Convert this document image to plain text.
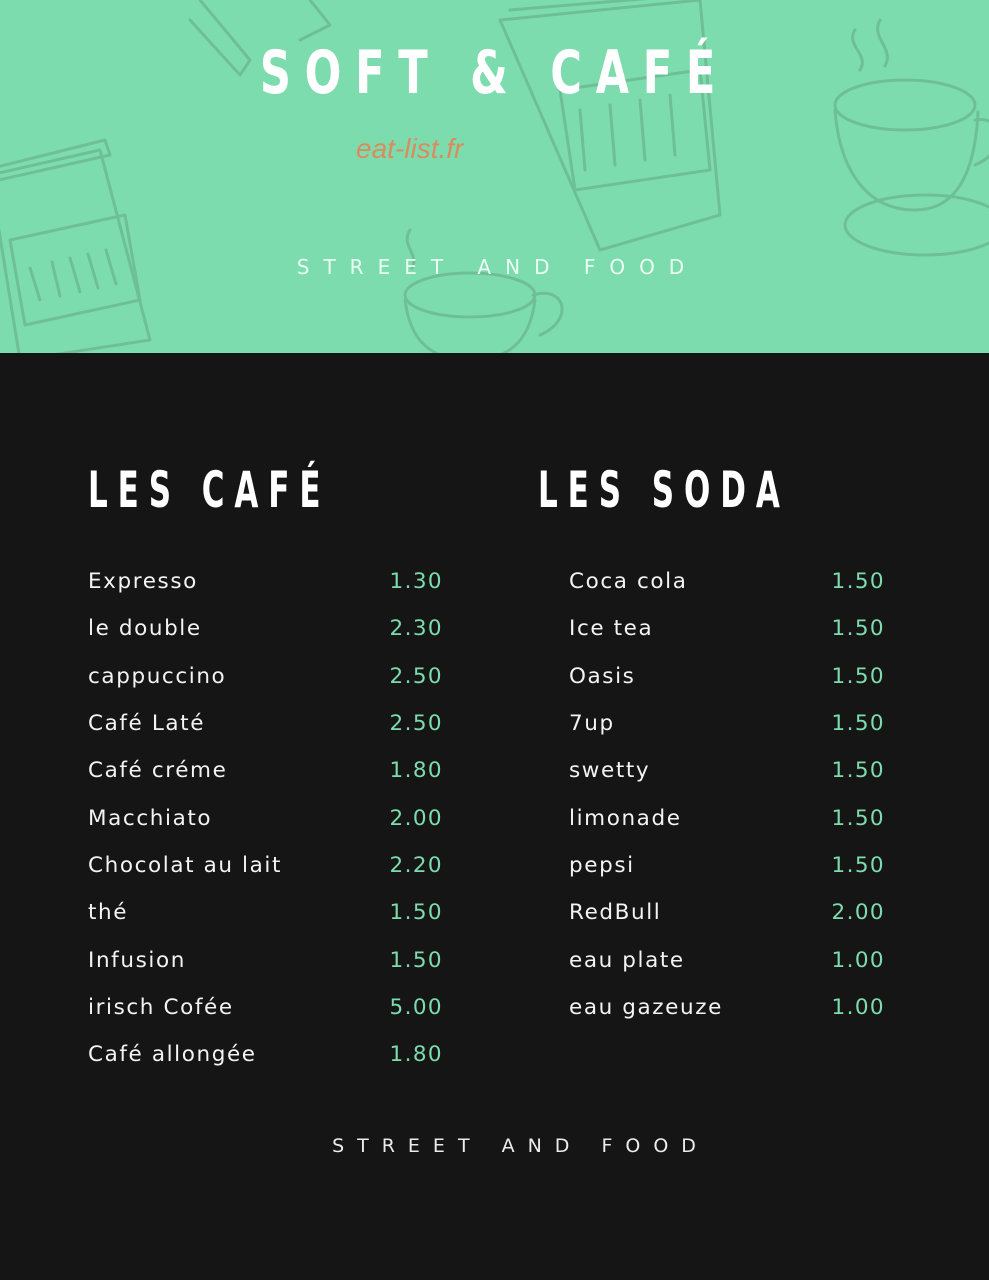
SOFT & CAFÉ
eat-list.fr
STREET AND FOOD
LES CAFÉ	LES SODA
Expresso	1.30
le double	2.30
cappuccino	2.50
Café Laté	2.50
Café créme	1.80
Macchiato	2.00
Chocolat au lait	2.20
thé	1.50
Infusion	1.50
irisch Cofée	5.00
Café allongée	1.80
Coca cola	1.50
Ice tea	1.50
Oasis	1.50
7up	1.50
swetty	1.50
limonade	1.50
pepsi	1.50
RedBull	2.00
eau plate	1.00
eau gazeuze	1.00
STREET AND FOOD
